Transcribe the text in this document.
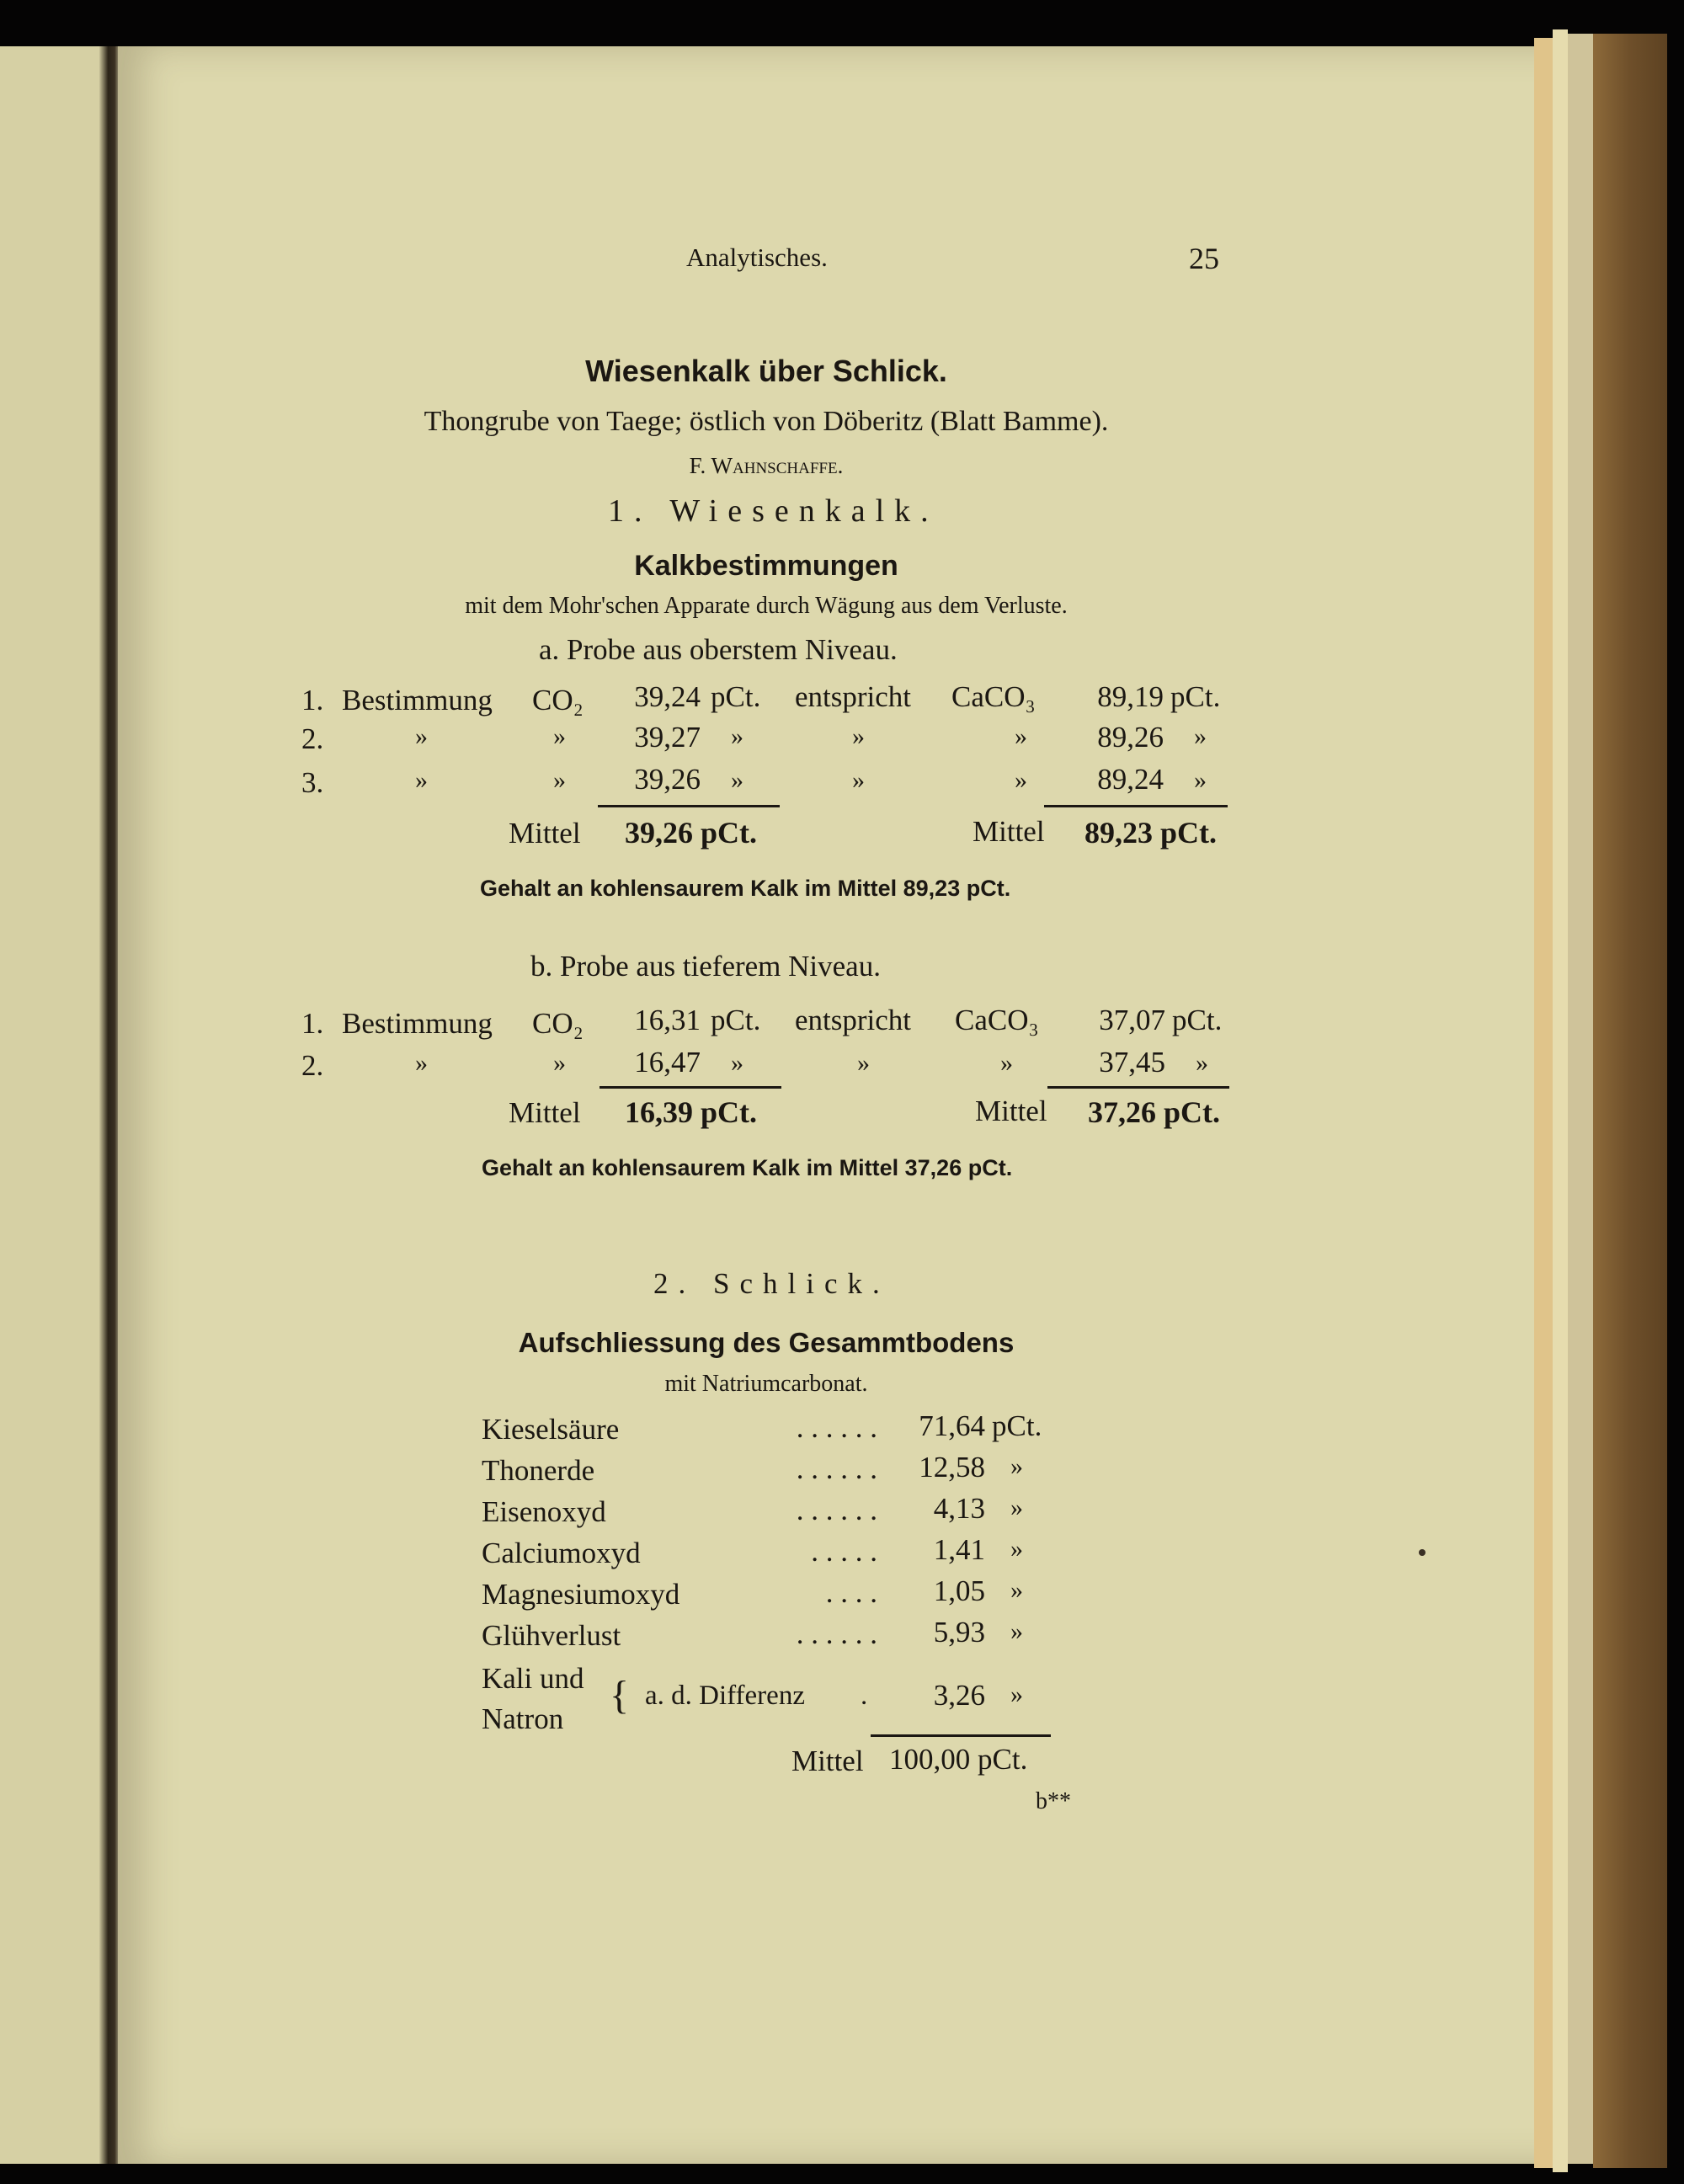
Analytisches.	25
Wiesenkalk über Schlick.
Thongrube von Taege; östlich von Döberitz (Blatt Bamme).
F. Wahnschaffe.
1. Wiesenkalk.
Kalkbestimmungen
mit dem Mohr'schen Apparate durch Wägung aus dem Verluste.
a. Probe aus oberstem Niveau.
1. Bestimmung CO₂	39,24 pCt. entspricht CaCO₃	89,19 pCt.
2.	»	»	39,27 »	»	»	89,26 »
3.	»	»	39,26 »	»	»	89,24 »
Mittel 39,26 pCt.	Mittel 89,23 pCt.
Gehalt an kohlensaurem Kalk im Mittel 89,23 pCt.
b. Probe aus tieferem Niveau.
1. Bestimmung CO₂	16,31 pCt. entspricht CaCO₃	37,07 pCt.
2.	»	»	16,47 »	»	»	37,45 »
Mittel 16,39 pCt.	Mittel 37,26 pCt.
Gehalt an kohlensaurem Kalk im Mittel 37,26 pCt.
2. Schlick.
Aufschliessung des Gesammtbodens
mit Natriumcarbonat.
Kieselsäure	. . . . . .	71,64 pCt.
Thonerde	. . . . . .	12,58 »
Eisenoxyd	. . . . . .	4,13 »
Calciumoxyd	. . . . .	1,41 »
Magnesiumoxyd	. . . .	1,05 »
Glühverlust	. . . . . .	5,93 »
Kali und
Natron
{ a. d. Differenz .	3,26 »
Mittel 100,00 pCt.
b**
